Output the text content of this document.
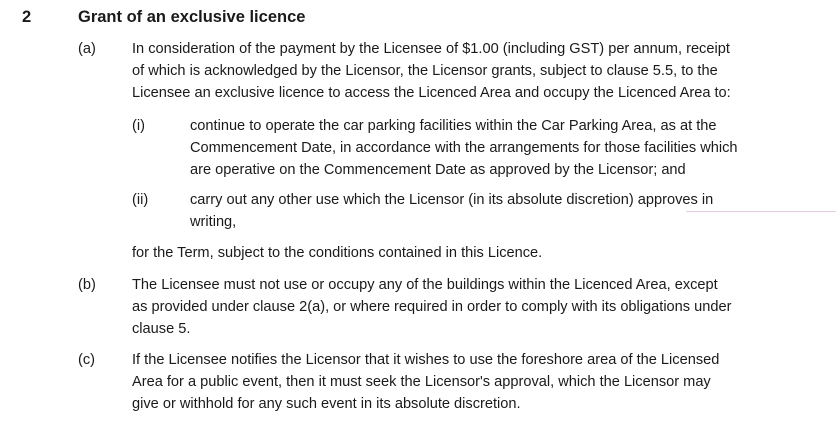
2	Grant of an exclusive licence
(a) In consideration of the payment by the Licensee of $1.00 (including GST) per annum, receipt
of which is acknowledged by the Licensor, the Licensor grants, subject to clause 5.5, to the
Licensee an exclusive licence to access the Licenced Area and occupy the Licenced Area to:
(i)	continue to operate the car parking facilities within the Car Parking Area, as at the
Commencement Date, in accordance with the arrangements for those facilities which
are operative on the Commencement Date as approved by the Licensor; and
(ii)	carry out any other use which the Licensor (in its absolute discretion) approves in
writing,
for the Term, subject to the conditions contained in this Licence.
(b) The Licensee must not use or occupy any of the buildings within the Licenced Area, except
as provided under clause 2(a), or where required in order to comply with its obligations under
clause 5.
(c)	If the Licensee notifies the Licensor that it wishes to use the foreshore area of the Licensed
Area for a public event, then it must seek the Licensor's approval, which the Licensor may
give or withhold for any such event in its absolute discretion.
